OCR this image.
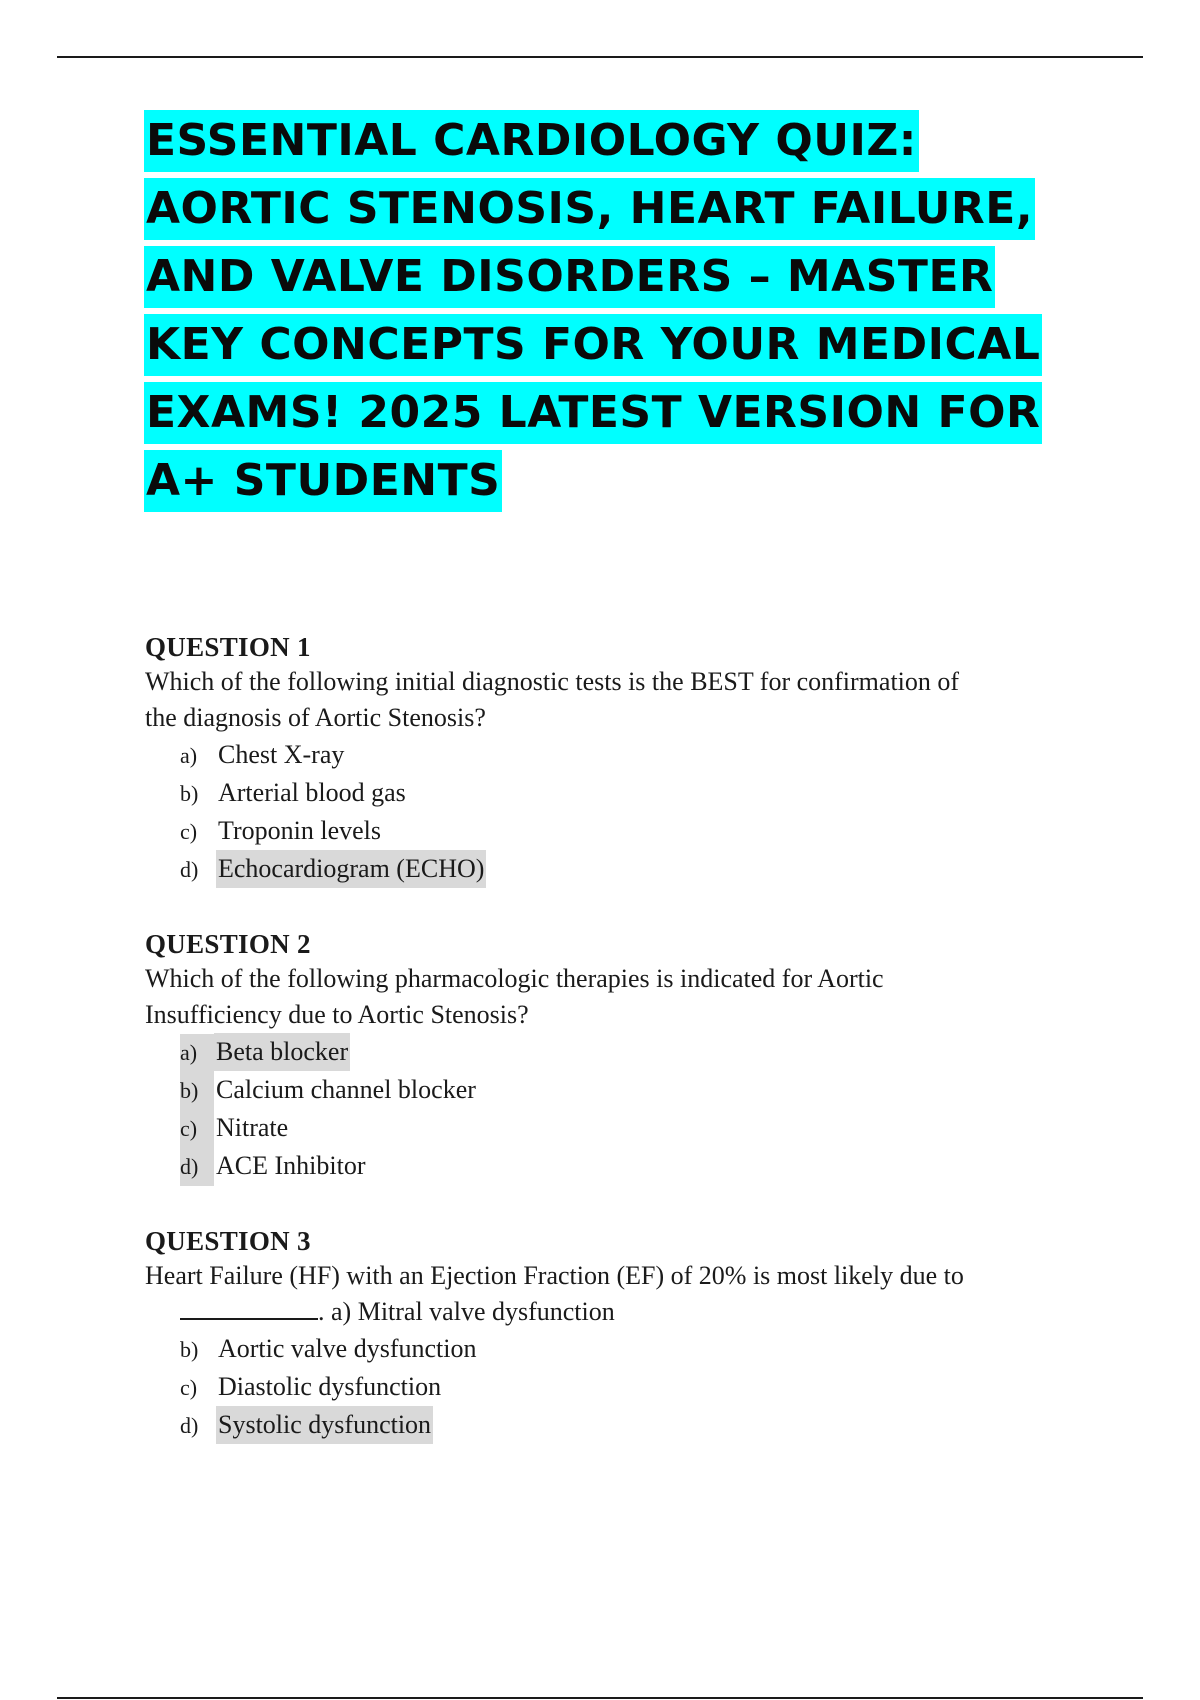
ESSENTIAL CARDIOLOGY QUIZ:
AORTIC STENOSIS, HEART FAILURE,
AND VALVE DISORDERS – MASTER
KEY CONCEPTS FOR YOUR MEDICAL
EXAMS! 2025 LATEST VERSION FOR
A+ STUDENTS

QUESTION 1

Which of the following initial diagnostic tests is the BEST for confirmation of
the diagnosis of Aortic Stenosis?

a) Chest X-ray
b) Arterial blood gas
c) Troponin levels
d) Echocardiogram (ECHO)

QUESTION 2

Which of the following pharmacologic therapies is indicated for Aortic
Insufficiency due to Aortic Stenosis?

a) Beta blocker
b) Calcium channel blocker
c) Nitrate
d) ACE Inhibitor

QUESTION 3

Heart Failure (HF) with an Ejection Fraction (EF) of 20% is most likely due to
. a) Mitral valve dysfunction

b) Aortic valve dysfunction
c) Diastolic dysfunction
d) Systolic dysfunction
